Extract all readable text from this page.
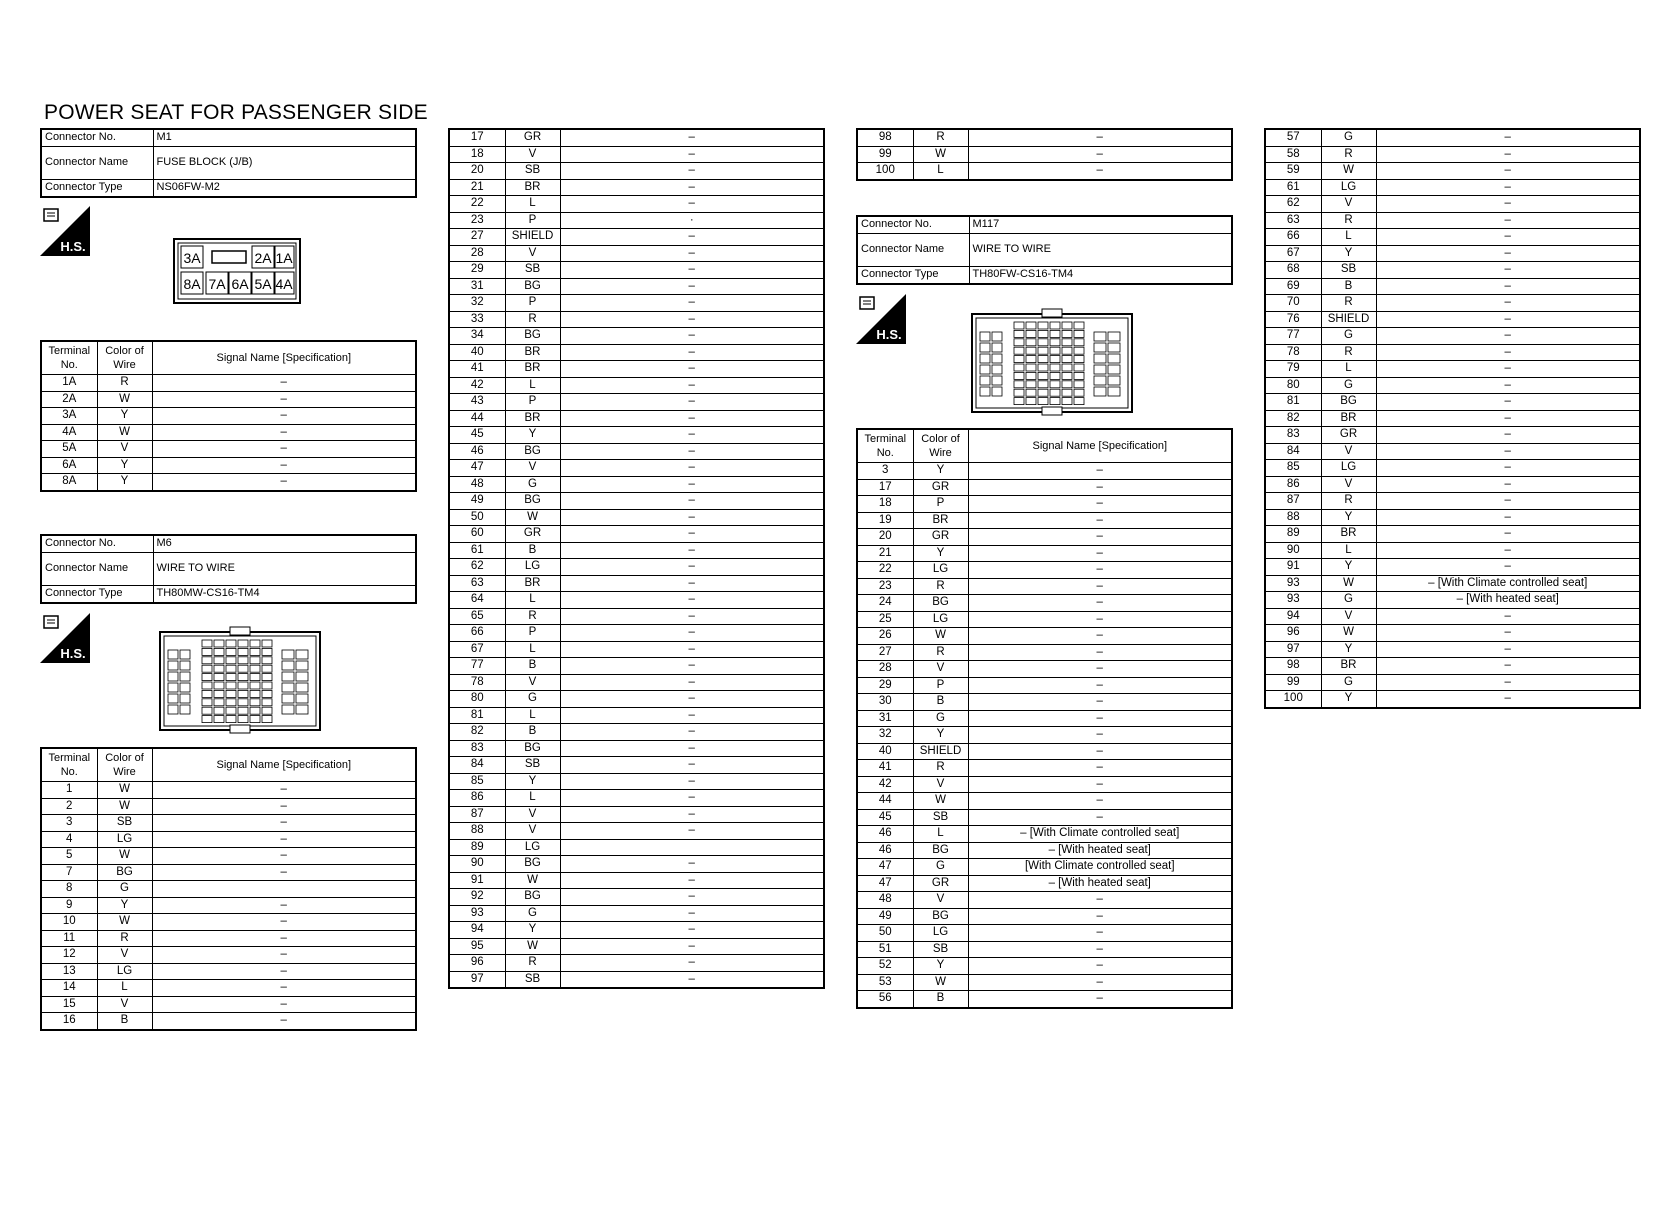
POWER SEAT FOR PASSENGER SIDE
Connector No.	M1
Connector Name	FUSE BLOCK (J/B)
Connector Type	NS06FW-M2
H.S.
3A	2A 1A
8A 7A 6A 5A 4A
Terminal No.	Color of Wire	Signal Name [Specification]
1A	R	–
2A	W	–
3A	Y	–
4A	W	–
5A	V	–
6A	Y	–
8A	Y	–
Connector No.	M6
Connector Name	WIRE TO WIRE
Connector Type	TH80MW-CS16-TM4
H.S.
Terminal No.	Color of Wire	Signal Name [Specification]
1	W	–
2	W	–
3	SB	–
4	LG	–
5	W	–
7	BG	–
8	G	
9	Y	–
10	W	–
11	R	–
12	V	–
13	LG	–
14	L	–
15	V	–
16	B	–
17	GR	–
18	V	–
20	SB	–
21	BR	–
22	L	–
23	P	·
27	SHIELD	–
28	V	–
29	SB	–
31	BG	–
32	P	–
33	R	–
34	BG	–
40	BR	–
41	BR	–
42	L	–
43	P	–
44	BR	–
45	Y	–
46	BG	–
47	V	–
48	G	–
49	BG	–
50	W	–
60	GR	–
61	B	–
62	LG	–
63	BR	–
64	L	–
65	R	–
66	P	–
67	L	–
77	B	–
78	V	–
80	G	–
81	L	–
82	B	–
83	BG	–
84	SB	–
85	Y	–
86	L	–
87	V	–
88	V	–
89	LG	
90	BG	–
91	W	–
92	BG	–
93	G	–
94	Y	–
95	W	–
96	R	–
97	SB	–
98	R	–
99	W	–
100	L	–
Connector No.	M117
Connector Name	WIRE TO WIRE
Connector Type	TH80FW-CS16-TM4
H.S.
Terminal No.	Color of Wire	Signal Name [Specification]
3	Y	–
17	GR	–
18	P	–
19	BR	–
20	GR	–
21	Y	–
22	LG	–
23	R	–
24	BG	–
25	LG	–
26	W	–
27	R	–
28	V	–
29	P	–
30	B	–
31	G	–
32	Y	–
40	SHIELD	–
41	R	–
42	V	–
44	W	–
45	SB	–
46	L	– [With Climate controlled seat]
46	BG	– [With heated seat]
47	G	[With Climate controlled seat]
47	GR	– [With heated seat]
48	V	–
49	BG	–
50	LG	–
51	SB	–
52	Y	–
53	W	–
56	B	–
57	G	–
58	R	–
59	W	–
61	LG	–
62	V	–
63	R	–
66	L	–
67	Y	–
68	SB	–
69	B	–
70	R	–
76	SHIELD	–
77	G	–
78	R	–
79	L	–
80	G	–
81	BG	–
82	BR	–
83	GR	–
84	V	–
85	LG	–
86	V	–
87	R	–
88	Y	–
89	BR	–
90	L	–
91	Y	–
93	W	– [With Climate controlled seat]
93	G	– [With heated seat]
94	V	–
96	W	–
97	Y	–
98	BR	–
99	G	–
100	Y	–
